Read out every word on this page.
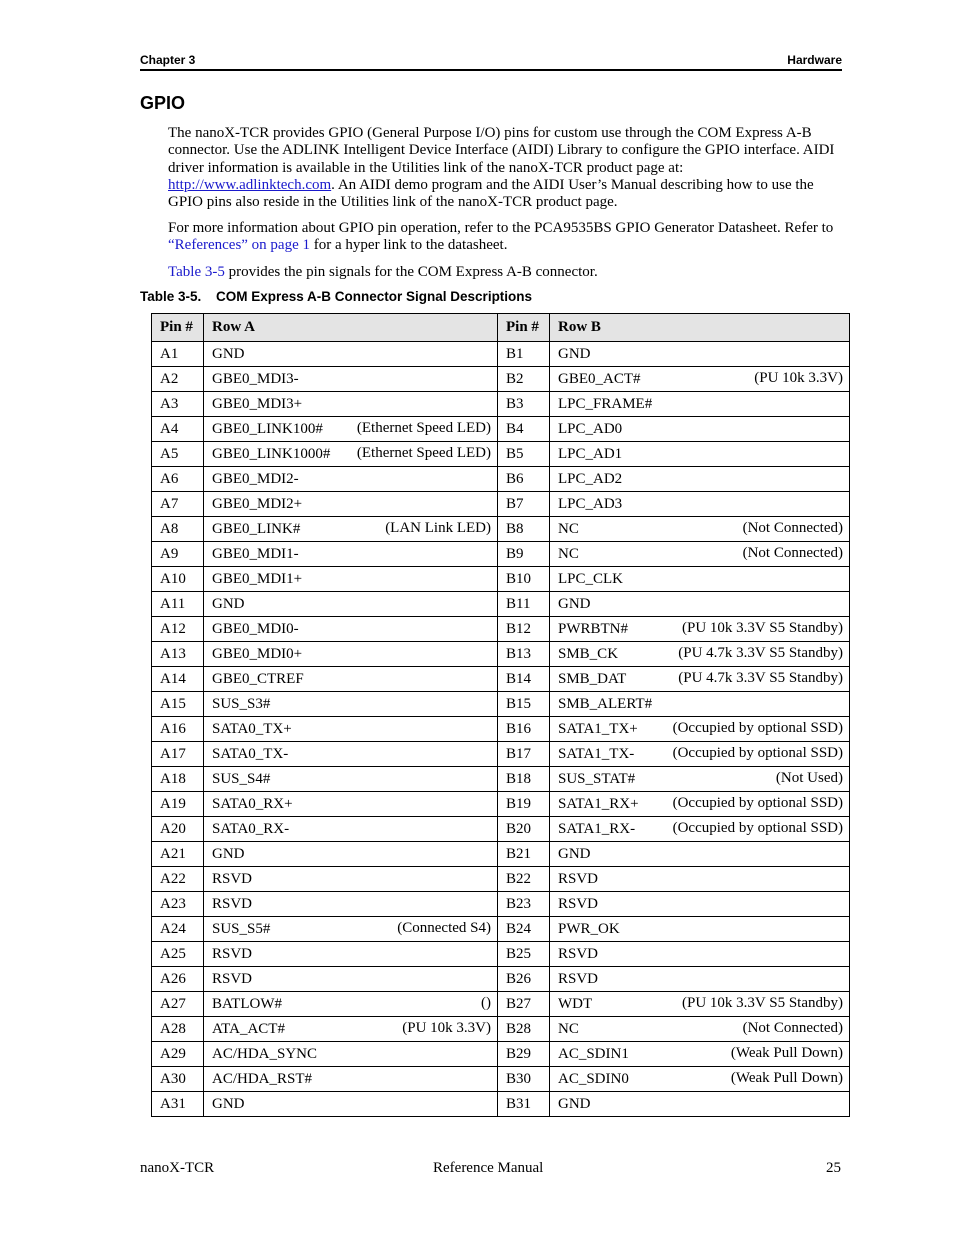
Chapter 3	Hardware
GPIO

The nanoX-TCR provides GPIO (General Purpose I/O) pins for custom use through the COM Express A-B connector. Use the ADLINK Intelligent Device Interface (AIDI) Library to configure the GPIO interface. AIDI driver information is available in the Utilities link of the nanoX-TCR product page at: http://www.adlinktech.com. An AIDI demo program and the AIDI User’s Manual describing how to use the GPIO pins also reside in the Utilities link of the nanoX-TCR product page.

For more information about GPIO pin operation, refer to the PCA9535BS GPIO Generator Datasheet. Refer to “References” on page 1 for a hyper link to the datasheet.

Table 3-5 provides the pin signals for the COM Express A-B connector.

Table 3-5. COM Express A-B Connector Signal Descriptions
Pin #	Row A	Pin #	Row B
A1	GND	B1	GND

A2	GBE0_MDI3-	B2	GBE0_ACT# (PU 10k 3.3V)

A3	GBE0_MDI3+	B3	LPC_FRAME#

A4	GBE0_LINK100# (Ethernet Speed LED)	B4	LPC_AD0

A5	GBE0_LINK1000# (Ethernet Speed LED)	B5	LPC_AD1

A6	GBE0_MDI2-	B6	LPC_AD2

A7	GBE0_MDI2+	B7	LPC_AD3

A8	GBE0_LINK# (LAN Link LED)	B8	NC (Not Connected)

A9	GBE0_MDI1-	B9	NC (Not Connected)

A10	GBE0_MDI1+	B10	LPC_CLK

A11	GND	B11	GND

A12	GBE0_MDI0-	B12	PWRBTN# (PU 10k 3.3V S5 Standby)

A13	GBE0_MDI0+	B13	SMB_CK (PU 4.7k 3.3V S5 Standby)

A14	GBE0_CTREF	B14	SMB_DAT (PU 4.7k 3.3V S5 Standby)

A15	SUS_S3#	B15	SMB_ALERT#

A16	SATA0_TX+	B16	SATA1_TX+ (Occupied by optional SSD)

A17	SATA0_TX-	B17	SATA1_TX- (Occupied by optional SSD)

A18	SUS_S4#	B18	SUS_STAT# (Not Used)

A19	SATA0_RX+	B19	SATA1_RX+ (Occupied by optional SSD)

A20	SATA0_RX-	B20	SATA1_RX- (Occupied by optional SSD)

A21	GND	B21	GND

A22	RSVD	B22	RSVD

A23	RSVD	B23	RSVD

A24	SUS_S5# (Connected S4)	B24	PWR_OK

A25	RSVD	B25	RSVD

A26	RSVD	B26	RSVD

A27	BATLOW# ()	B27	WDT (PU 10k 3.3V S5 Standby)

A28	ATA_ACT# (PU 10k 3.3V)	B28	NC (Not Connected)

A29	AC/HDA_SYNC	B29	AC_SDIN1 (Weak Pull Down)

A30	AC/HDA_RST#	B30	AC_SDIN0 (Weak Pull Down)

A31	GND	B31	GND
nanoX-TCR	Reference Manual	25
